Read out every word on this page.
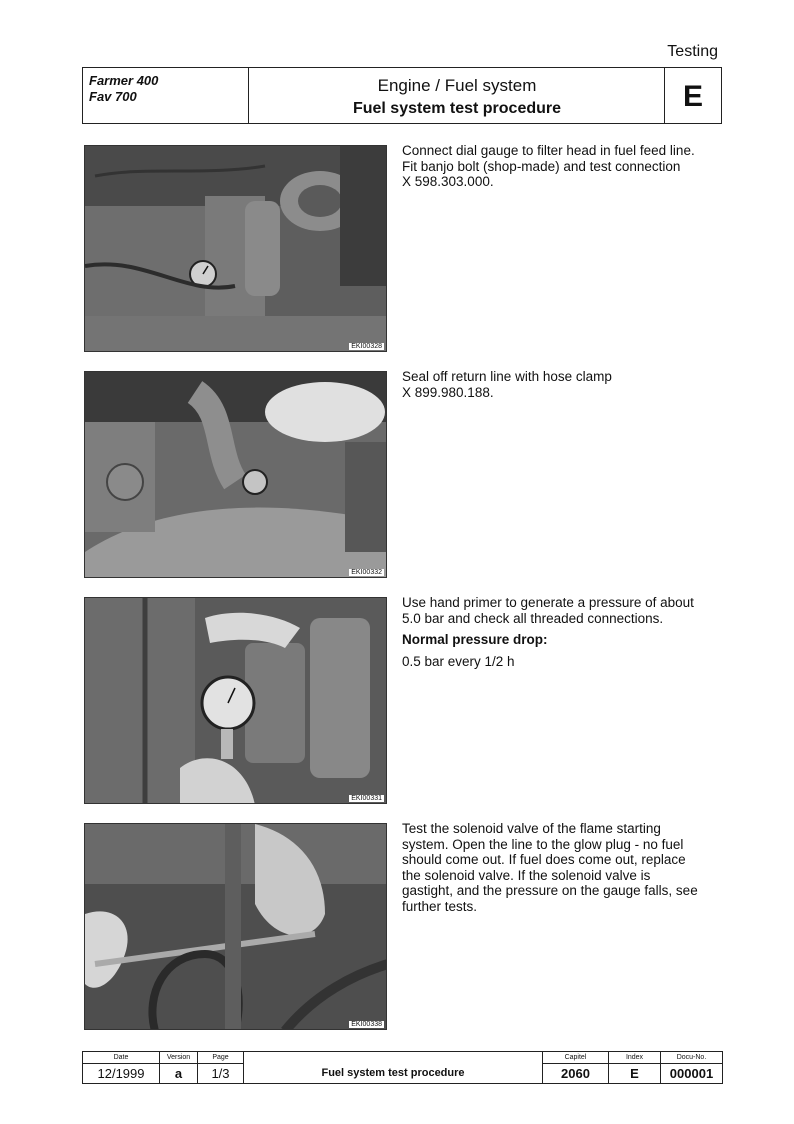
Testing
Farmer 400
Fav 700
Engine / Fuel system
Fuel system test procedure	E
EKI00328

Connect dial gauge to filter head in fuel feed line.

Fit banjo bolt (shop-made) and test connection

X 598.303.000.

EKI00332

Seal off return line with hose clamp

X 899.980.188.

EKI00331

Use hand primer to generate a pressure of about

5.0 bar and check all threaded connections.

Normal pressure drop:

0.5 bar every 1/2 h

EKI00338

Test the solenoid valve of the flame starting

system. Open the line to the glow plug - no fuel

should come out. If fuel does come out, replace

the solenoid valve. If the solenoid valve is

gastight, and the pressure on the gauge falls, see

further tests.

Date
12/1999
Version
a
Page
1/3	Fuel system test procedure
Capitel
2060
Index
E
Docu-No.
000001
